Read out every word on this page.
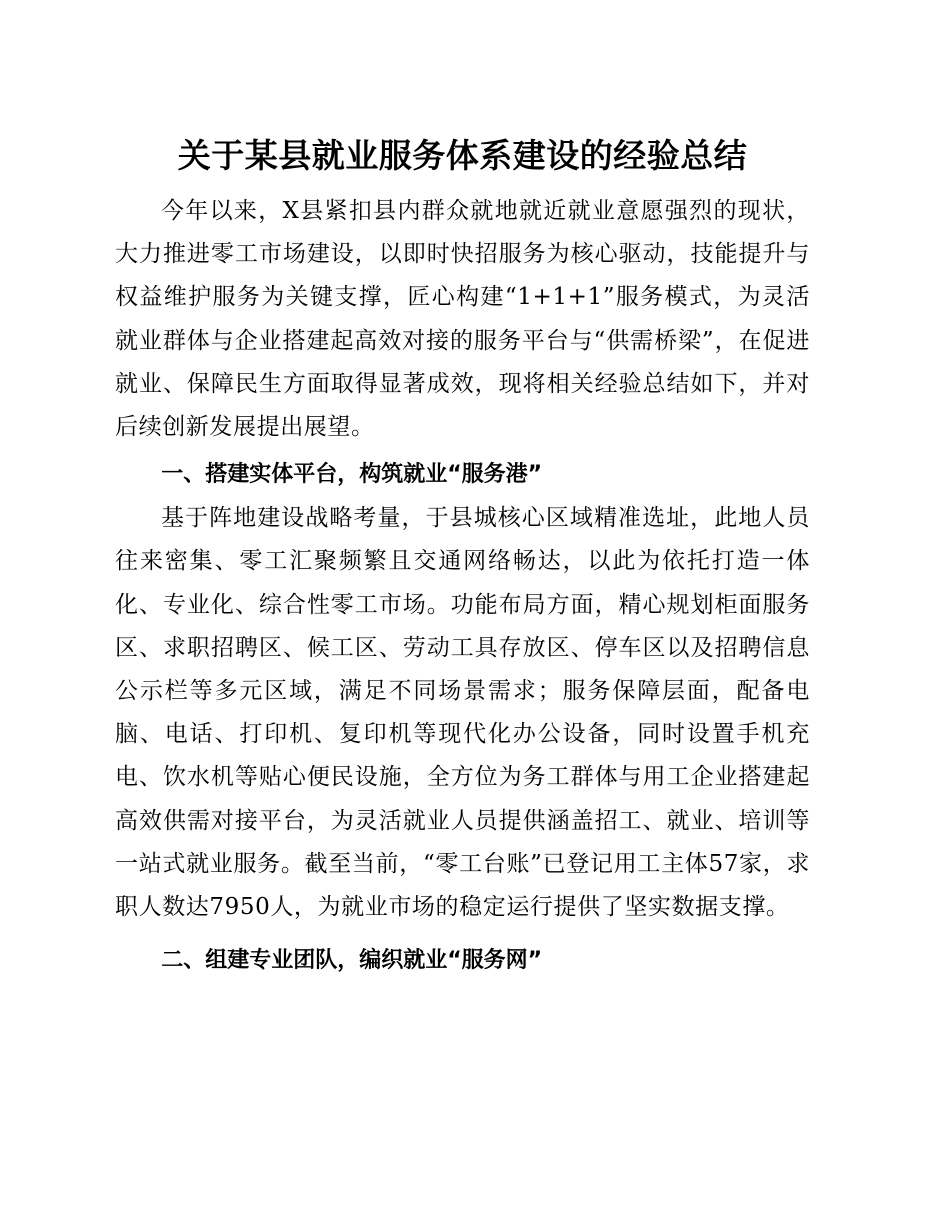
关于某县就业服务体系建设的经验总结

今年以来，X县紧扣县内群众就地就近就业意愿强烈的现状，大力推进零工市场建设，以即时快招服务为核心驱动，技能提升与权益维护服务为关键支撑，匠心构建“1+1+1”服务模式，为灵活就业群体与企业搭建起高效对接的服务平台与“供需桥梁”，在促进就业、保障民生方面取得显著成效，现将相关经验总结如下，并对后续创新发展提出展望。

一、搭建实体平台，构筑就业“服务港”

基于阵地建设战略考量，于县城核心区域精准选址，此地人员往来密集、零工汇聚频繁且交通网络畅达，以此为依托打造一体化、专业化、综合性零工市场。功能布局方面，精心规划柜面服务区、求职招聘区、候工区、劳动工具存放区、停车区以及招聘信息公示栏等多元区域，满足不同场景需求；服务保障层面，配备电脑、电话、打印机、复印机等现代化办公设备，同时设置手机充电、饮水机等贴心便民设施，全方位为务工群体与用工企业搭建起高效供需对接平台，为灵活就业人员提供涵盖招工、就业、培训等一站式就业服务。截至当前，“零工台账”已登记用工主体57家，求职人数达7950人，为就业市场的稳定运行提供了坚实数据支撑。

二、组建专业团队，编织就业“服务网”
